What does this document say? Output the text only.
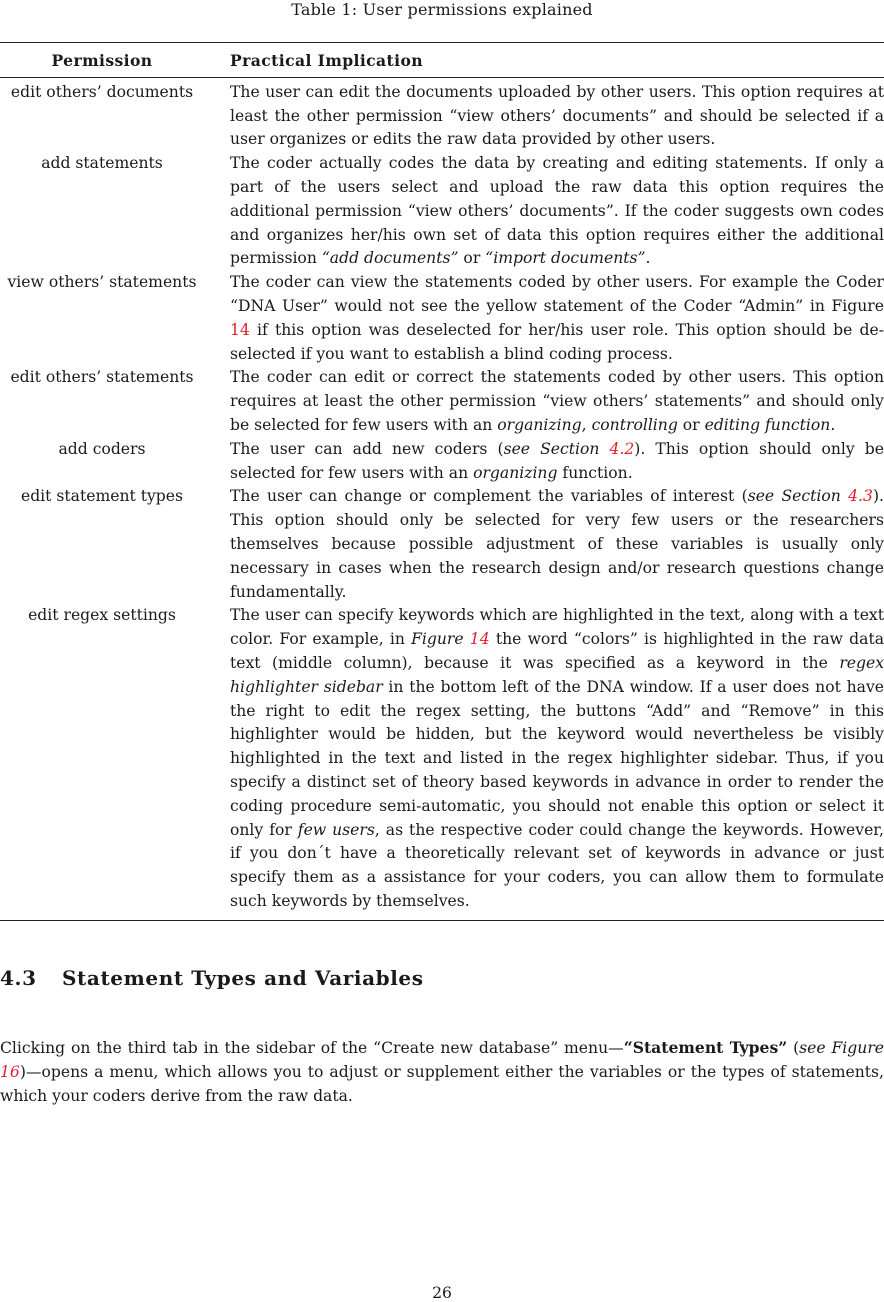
Table 1: User permissions explained
Permission	Practical Implication
edit others’ documents	The user can edit the documents uploaded by other users. This option requires at least the other permission “view others’ documents” and should be selected if a user organizes or edits the raw data provided by other users.
add statements	The coder actually codes the data by creating and editing statements. If only a part of the users select and upload the raw data this option requires the additional permission “view others’ documents”. If the coder suggests own codes and organizes her/his own set of data this option requires either the additional permission “add documents” or “import documents”.
view others’ statements	The coder can view the statements coded by other users. For example the Coder “DNA User” would not see the yellow statement of the Coder “Admin” in Figure 14 if this option was deselected for her/his user role. This option should be de-selected if you want to establish a blind coding process.
edit others’ statements	The coder can edit or correct the statements coded by other users. This option requires at least the other permission “view others’ statements” and should only be selected for few users with an organizing, controlling or editing function.
add coders	The user can add new coders (see Section 4.2). This option should only be selected for few users with an organizing function.
edit statement types	The user can change or complement the variables of interest (see Section 4.3). This option should only be selected for very few users or the researchers themselves because possible adjustment of these variables is usually only necessary in cases when the research design and/or research questions change fundamentally.
edit regex settings	The user can specify keywords which are highlighted in the text, along with a text color. For example, in Figure 14 the word “colors” is highlighted in the raw data text (middle column), because it was specified as a keyword in the regex highlighter sidebar in the bottom left of the DNA window. If a user does not have the right to edit the regex setting, the buttons “Add” and “Remove” in this highlighter would be hidden, but the keyword would nevertheless be visibly highlighted in the text and listed in the regex highlighter sidebar. Thus, if you specify a distinct set of theory based keywords in advance in order to render the coding procedure semi-automatic, you should not enable this option or select it only for few users, as the respective coder could change the keywords. However, if you don´t have a theoretically relevant set of keywords in advance or just specify them as a assistance for your coders, you can allow them to formulate such keywords by themselves.
4.3 Statement Types and Variables

Clicking on the third tab in the sidebar of the “Create new database” menu—“Statement Types” (see Figure 16)—opens a menu, which allows you to adjust or supplement either the variables or the types of statements, which your coders derive from the raw data.

26
